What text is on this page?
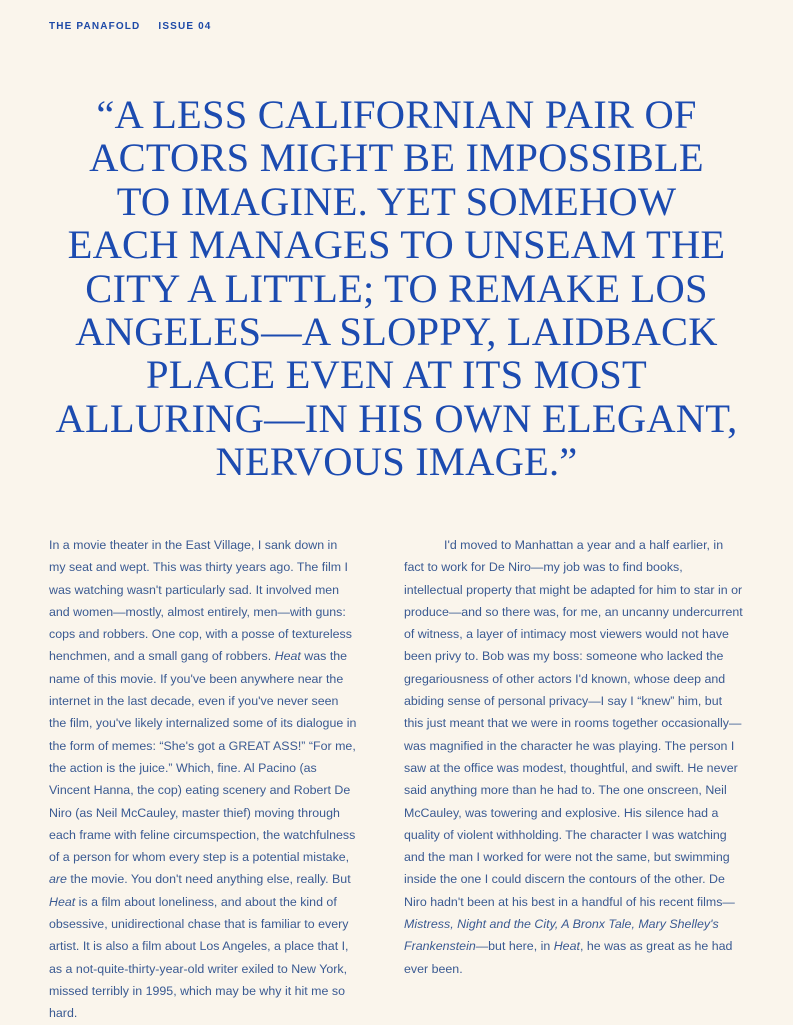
THE PANAFOLD ISSUE 04
“A LESS CALIFORNIAN PAIR OF
ACTORS MIGHT BE IMPOSSIBLE
TO IMAGINE. YET SOMEHOW
EACH MANAGES TO UNSEAM THE
CITY A LITTLE; TO REMAKE LOS
ANGELES—A SLOPPY, LAIDBACK
PLACE EVEN AT ITS MOST
ALLURING—IN HIS OWN ELEGANT,
NERVOUS IMAGE.”

In a movie theater in the East Village, I sank down in my seat and wept. This was thirty years ago. The film I was watching wasn't particularly sad. It involved men and women—mostly, almost entirely, men—with guns: cops and robbers. One cop, with a posse of textureless henchmen, and a small gang of robbers. Heat was the name of this movie. If you've been anywhere near the internet in the last decade, even if you've never seen the film, you've likely internalized some of its dialogue in the form of memes: “She's got a GREAT ASS!” “For me, the action is the juice.” Which, fine. Al Pacino (as Vincent Hanna, the cop) eating scenery and Robert De Niro (as Neil McCauley, master thief) moving through each frame with feline circumspection, the watchfulness of a person for whom every step is a potential mistake, are the movie. You don't need anything else, really. But Heat is a film about loneliness, and about the kind of obsessive, unidirectional chase that is familiar to every artist. It is also a film about Los Angeles, a place that I, as a not-quite-thirty-year-old writer exiled to New York, missed terribly in 1995, which may be why it hit me so hard.

I'd moved to Manhattan a year and a half earlier, in fact to work for De Niro—my job was to find books, intellectual property that might be adapted for him to star in or produce—and so there was, for me, an uncanny undercurrent of witness, a layer of intimacy most viewers would not have been privy to. Bob was my boss: someone who lacked the gregariousness of other actors I'd known, whose deep and abiding sense of personal privacy—I say I “knew” him, but this just meant that we were in rooms together occasionally—was magnified in the character he was playing. The person I saw at the office was modest, thoughtful, and swift. He never said anything more than he had to. The one onscreen, Neil McCauley, was towering and explosive. His silence had a quality of violent withholding. The character I was watching and the man I worked for were not the same, but swimming inside the one I could discern the contours of the other. De Niro hadn't been at his best in a handful of his recent films—Mistress, Night and the City, A Bronx Tale, Mary Shelley's Frankenstein—but here, in Heat, he was as great as he had ever been.
